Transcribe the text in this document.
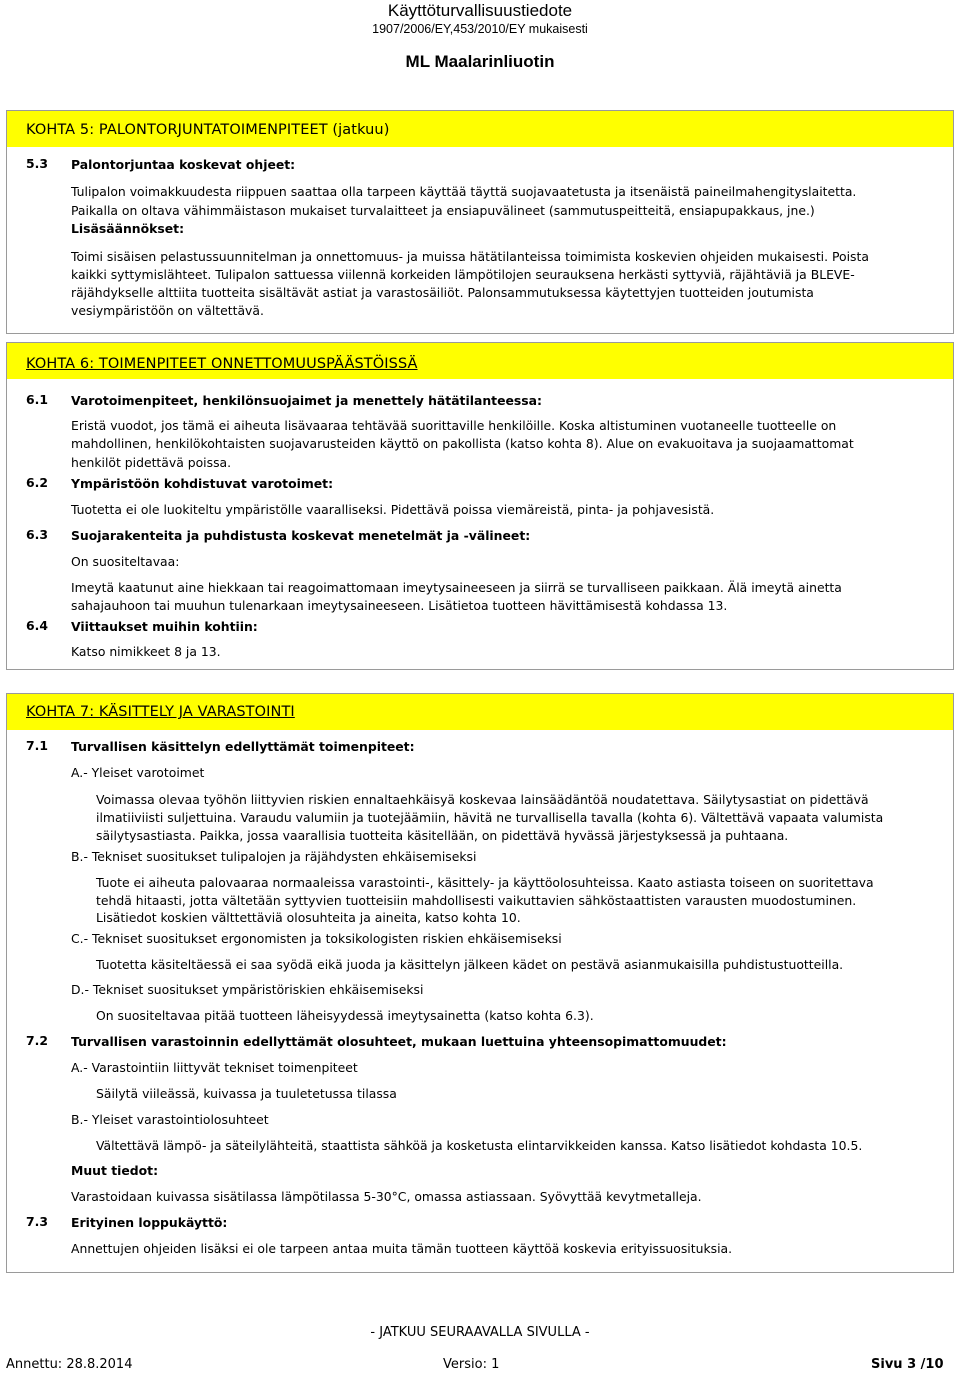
Käyttöturvallisuustiedote
1907/2006/EY,453/2010/EY mukaisesti
ML Maalarinliuotin
KOHTA 5: PALONTORJUNTATOIMENPITEET (jatkuu)
5.3 Palontorjuntaa koskevat ohjeet:
Tulipalon voimakkuudesta riippuen saattaa olla tarpeen käyttää täyttä suojavaatetusta ja itsenäistä paineilmahengityslaitetta.
Paikalla on oltava vähimmäistason mukaiset turvalaitteet ja ensiapuvälineet (sammutuspeitteitä, ensiapupakkaus, jne.)
Lisäsäännökset:
Toimi sisäisen pelastussuunnitelman ja onnettomuus- ja muissa hätätilanteissa toimimista koskevien ohjeiden mukaisesti. Poista
kaikki syttymislähteet. Tulipalon sattuessa viilennä korkeiden lämpötilojen seurauksena herkästi syttyviä, räjähtäviä ja BLEVE-
räjähdykselle alttiita tuotteita sisältävät astiat ja varastosäiliöt. Palonsammutuksessa käytettyjen tuotteiden joutumista
vesiympäristöön on vältettävä.
KOHTA 6: TOIMENPITEET ONNETTOMUUSPÄÄSTÖISSÄ
6.1 Varotoimenpiteet, henkilönsuojaimet ja menettely hätätilanteessa:
Eristä vuodot, jos tämä ei aiheuta lisävaaraa tehtävää suorittaville henkilöille. Koska altistuminen vuotaneelle tuotteelle on
mahdollinen, henkilökohtaisten suojavarusteiden käyttö on pakollista (katso kohta 8). Alue on evakuoitava ja suojaamattomat
henkilöt pidettävä poissa.
6.2 Ympäristöön kohdistuvat varotoimet:
Tuotetta ei ole luokiteltu ympäristölle vaaralliseksi. Pidettävä poissa viemäreistä, pinta- ja pohjavesistä.
6.3 Suojarakenteita ja puhdistusta koskevat menetelmät ja -välineet:
On suositeltavaa:
Imeytä kaatunut aine hiekkaan tai reagoimattomaan imeytysaineeseen ja siirrä se turvalliseen paikkaan. Älä imeytä ainetta
sahajauhoon tai muuhun tulenarkaan imeytysaineeseen. Lisätietoa tuotteen hävittämisestä kohdassa 13.
6.4 Viittaukset muihin kohtiin:
Katso nimikkeet 8 ja 13.
KOHTA 7: KÄSITTELY JA VARASTOINTI
7.1 Turvallisen käsittelyn edellyttämät toimenpiteet:
A.- Yleiset varotoimet
Voimassa olevaa työhön liittyvien riskien ennaltaehkäisyä koskevaa lainsäädäntöä noudatettava. Säilytysastiat on pidettävä
ilmatiiviisti suljettuina. Varaudu valumiin ja tuotejäämiin, hävitä ne turvallisella tavalla (kohta 6). Vältettävä vapaata valumista
säilytysastiasta. Paikka, jossa vaarallisia tuotteita käsitellään, on pidettävä hyvässä järjestyksessä ja puhtaana.
B.- Tekniset suositukset tulipalojen ja räjähdysten ehkäisemiseksi
Tuote ei aiheuta palovaaraa normaaleissa varastointi-, käsittely- ja käyttöolosuhteissa. Kaato astiasta toiseen on suoritettava
tehdä hitaasti, jotta vältetään syttyvien tuotteisiin mahdollisesti vaikuttavien sähköstaattisten varausten muodostuminen.
Lisätiedot koskien välttettäviä olosuhteita ja aineita, katso kohta 10.
C.- Tekniset suositukset ergonomisten ja toksikologisten riskien ehkäisemiseksi
Tuotetta käsiteltäessä ei saa syödä eikä juoda ja käsittelyn jälkeen kädet on pestävä asianmukaisilla puhdistustuotteilla.
D.- Tekniset suositukset ympäristöriskien ehkäisemiseksi
On suositeltavaa pitää tuotteen läheisyydessä imeytysainetta (katso kohta 6.3).
7.2 Turvallisen varastoinnin edellyttämät olosuhteet, mukaan luettuina yhteensopimattomuudet:
A.- Varastointiin liittyvät tekniset toimenpiteet
Säilytä viileässä, kuivassa ja tuuletetussa tilassa
B.- Yleiset varastointiolosuhteet
Vältettävä lämpö- ja säteilylähteitä, staattista sähköä ja kosketusta elintarvikkeiden kanssa. Katso lisätiedot kohdasta 10.5.
Muut tiedot:
Varastoidaan kuivassa sisätilassa lämpötilassa 5-30°C, omassa astiassaan. Syövyttää kevytmetalleja.
7.3 Erityinen loppukäyttö:
Annettujen ohjeiden lisäksi ei ole tarpeen antaa muita tämän tuotteen käyttöä koskevia erityissuosituksia.
- JATKUU SEURAAVALLA SIVULLA -
Annettu: 28.8.2014	Versio: 1	Sivu 3 /10
